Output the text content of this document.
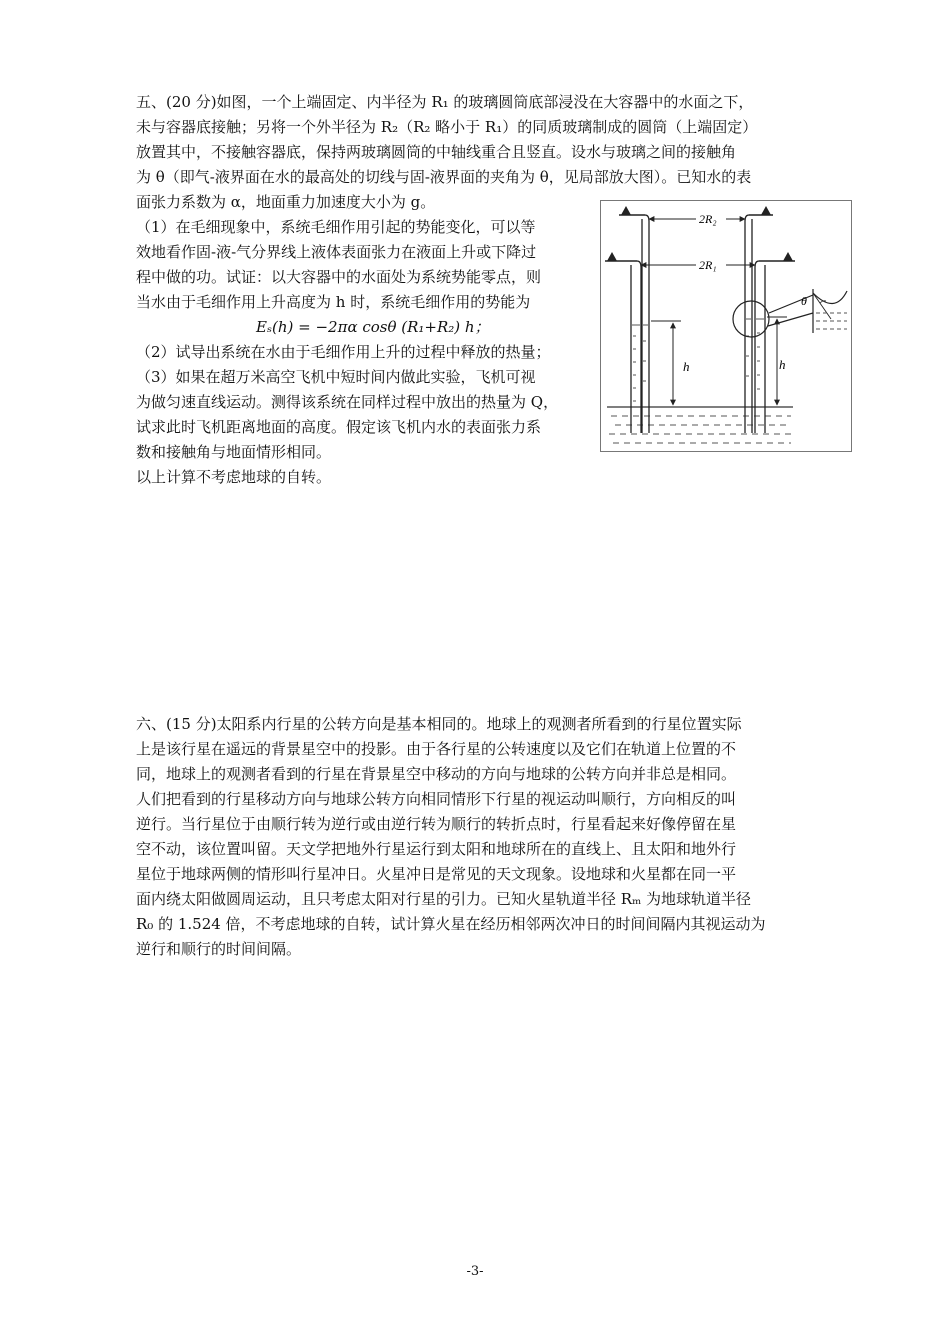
五、(20 分)如图，一个上端固定、内半径为 R₁ 的玻璃圆筒底部浸没在大容器中的水面之下，
未与容器底接触；另将一个外半径为 R₂（R₂ 略小于 R₁）的同质玻璃制成的圆筒（上端固定）
放置其中，不接触容器底，保持两玻璃圆筒的中轴线重合且竖直。设水与玻璃之间的接触角
为 θ（即气-液界面在水的最高处的切线与固-液界面的夹角为 θ，见局部放大图）。已知水的表
面张力系数为 α，地面重力加速度大小为 g。
（1）在毛细现象中，系统毛细作用引起的势能变化，可以等
效地看作固-液-气分界线上液体表面张力在液面上升或下降过
程中做的功。试证：以大容器中的水面处为系统势能零点，则
当水由于毛细作用上升高度为 h 时，系统毛细作用的势能为
Eₛ(h) = −2πα cosθ (R₁+R₂) h；
（2）试导出系统在水由于毛细作用上升的过程中释放的热量；
（3）如果在超万米高空飞机中短时间内做此实验，飞机可视
为做匀速直线运动。测得该系统在同样过程中放出的热量为 Q，
试求此时飞机距离地面的高度。假定该飞机内水的表面张力系
数和接触角与地面情形相同。
以上计算不考虑地球的自转。
2R₂
2R₁
h	h
θ
六、(15 分)太阳系内行星的公转方向是基本相同的。地球上的观测者所看到的行星位置实际
上是该行星在遥远的背景星空中的投影。由于各行星的公转速度以及它们在轨道上位置的不
同，地球上的观测者看到的行星在背景星空中移动的方向与地球的公转方向并非总是相同。
人们把看到的行星移动方向与地球公转方向相同情形下行星的视运动叫顺行，方向相反的叫
逆行。当行星位于由顺行转为逆行或由逆行转为顺行的转折点时，行星看起来好像停留在星
空不动，该位置叫留。天文学把地外行星运行到太阳和地球所在的直线上、且太阳和地外行
星位于地球两侧的情形叫行星冲日。火星冲日是常见的天文现象。设地球和火星都在同一平
面内绕太阳做圆周运动，且只考虑太阳对行星的引力。已知火星轨道半径 Rₘ 为地球轨道半径
R₀ 的 1.524 倍，不考虑地球的自转，试计算火星在经历相邻两次冲日的时间间隔内其视运动为
逆行和顺行的时间间隔。
-3-
